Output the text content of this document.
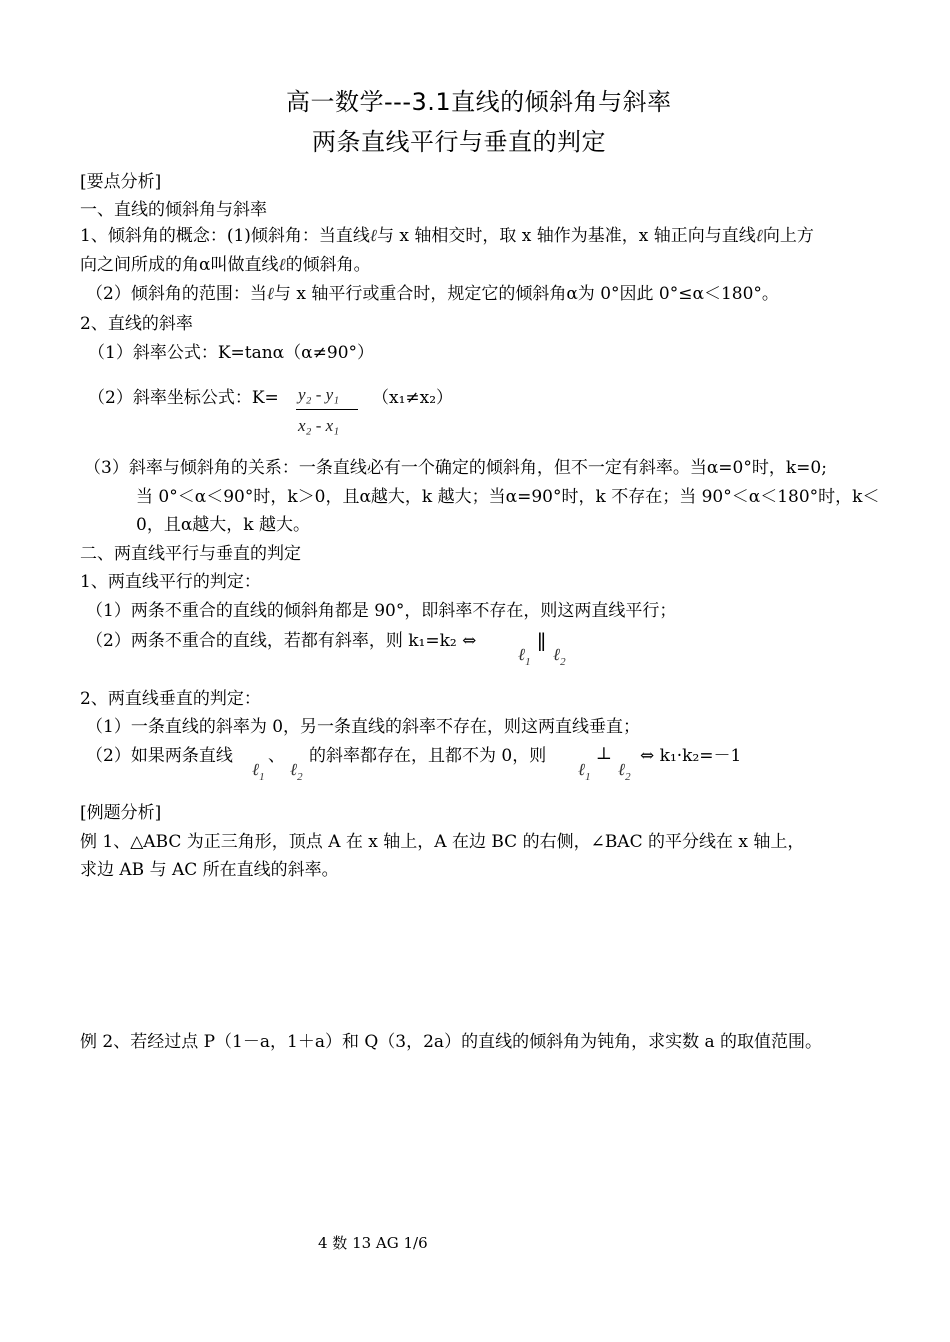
高一数学---3.1直线的倾斜角与斜率
两条直线平行与垂直的判定
[要点分析]
一、直线的倾斜角与斜率
1、倾斜角的概念：(1)倾斜角：当直线ℓ与 x 轴相交时，取 x 轴作为基准，x 轴正向与直线ℓ向上方
向之间所成的角α叫做直线ℓ的倾斜角。
（2）倾斜角的范围：当ℓ与 x 轴平行或重合时，规定它的倾斜角α为 0°因此 0°≤α＜180°。
2、直线的斜率
（1）斜率公式：K=tanα（α≠90°）
（2）斜率坐标公式：K= y₂ - y₁
x₂ - x₁
（x₁≠x₂）
（3）斜率与倾斜角的关系：一条直线必有一个确定的倾斜角，但不一定有斜率。当α=0°时，k=0;
当 0°＜α＜90°时，k＞0，且α越大，k 越大；当α=90°时，k 不存在；当 90°＜α＜180°时，k＜
0，且α越大，k 越大。
二、两直线平行与垂直的判定
1、两直线平行的判定：
（1）两条不重合的直线的倾斜角都是 90°，即斜率不存在，则这两直线平行；
（2）两条不重合的直线，若都有斜率，则 k₁=k₂ ⇔
ℓ$_1$
∥
ℓ$_2$
2、两直线垂直的判定：
（1）一条直线的斜率为 0，另一条直线的斜率不存在，则这两直线垂直；
（2）如果两条直线
ℓ$_1$
、
ℓ$_2$
的斜率都存在，且都不为 0，则
ℓ$_1$
⊥
ℓ$_2$
⇔ k₁·k₂=－1
[例题分析]
例 1、△ABC 为正三角形，顶点 A 在 x 轴上，A 在边 BC 的右侧，∠BAC 的平分线在 x 轴上，
求边 AB 与 AC 所在直线的斜率。
例 2、若经过点 P（1－a，1＋a）和 Q（3，2a）的直线的倾斜角为钝角，求实数 a 的取值范围。
4 数 13 AG 1/6
